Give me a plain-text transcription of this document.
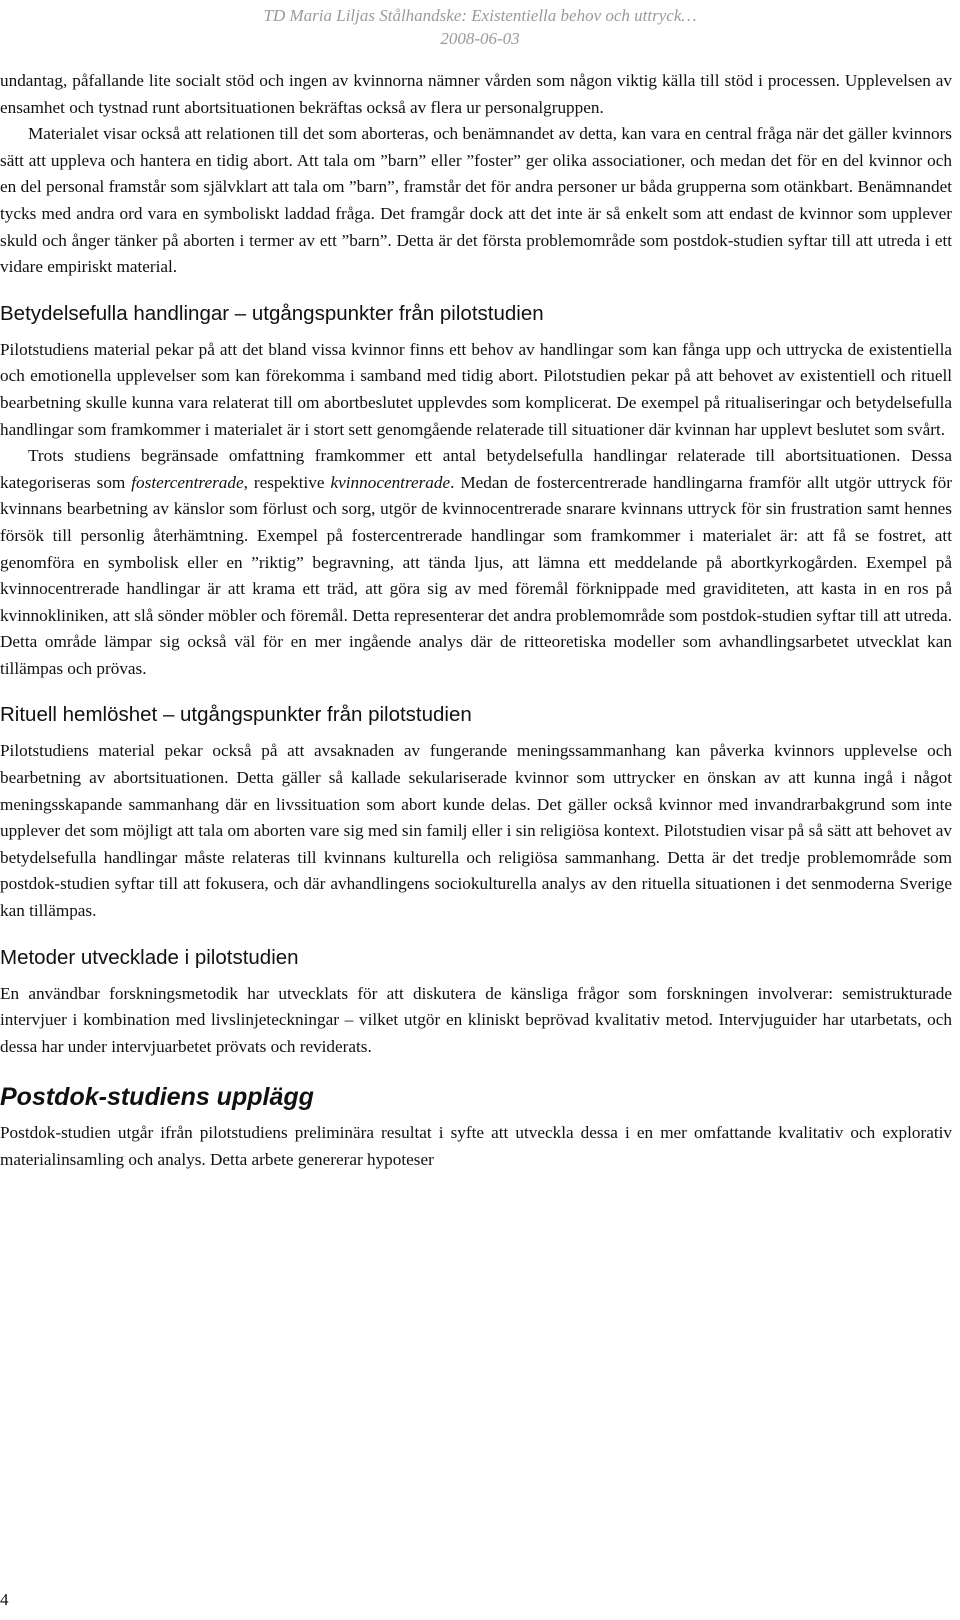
TD Maria Liljas Stålhandske: Existentiella behov och uttryck…
2008-06-03

undantag, påfallande lite socialt stöd och ingen av kvinnorna nämner vården som någon viktig källa till stöd i processen. Upplevelsen av ensamhet och tystnad runt abortsituationen bekräftas också av flera ur personalgruppen.

Materialet visar också att relationen till det som aborteras, och benämnandet av detta, kan vara en central fråga när det gäller kvinnors sätt att uppleva och hantera en tidig abort. Att tala om ”barn” eller ”foster” ger olika associationer, och medan det för en del kvinnor och en del personal framstår som självklart att tala om ”barn”, framstår det för andra personer ur båda grupperna som otänkbart. Benämnandet tycks med andra ord vara en symboliskt laddad fråga. Det framgår dock att det inte är så enkelt som att endast de kvinnor som upplever skuld och ånger tänker på aborten i termer av ett ”barn”. Detta är det första problemområde som postdok-studien syftar till att utreda i ett vidare empiriskt material.

Betydelsefulla handlingar – utgångspunkter från pilotstudien

Pilotstudiens material pekar på att det bland vissa kvinnor finns ett behov av handlingar som kan fånga upp och uttrycka de existentiella och emotionella upplevelser som kan förekomma i samband med tidig abort. Pilotstudien pekar på att behovet av existentiell och rituell bearbetning skulle kunna vara relaterat till om abortbeslutet upplevdes som komplicerat. De exempel på ritualiseringar och betydelsefulla handlingar som framkommer i materialet är i stort sett genomgående relaterade till situationer där kvinnan har upplevt beslutet som svårt.

Trots studiens begränsade omfattning framkommer ett antal betydelsefulla handlingar relaterade till abortsituationen. Dessa kategoriseras som fostercentrerade, respektive kvinnocentrerade. Medan de fostercentrerade handlingarna framför allt utgör uttryck för kvinnans bearbetning av känslor som förlust och sorg, utgör de kvinnocentrerade snarare kvinnans uttryck för sin frustration samt hennes försök till personlig återhämtning. Exempel på fostercentrerade handlingar som framkommer i materialet är: att få se fostret, att genomföra en symbolisk eller en ”riktig” begravning, att tända ljus, att lämna ett meddelande på abortkyrkogården. Exempel på kvinnocentrerade handlingar är att krama ett träd, att göra sig av med föremål förknippade med graviditeten, att kasta in en ros på kvinnokliniken, att slå sönder möbler och föremål. Detta representerar det andra problemområde som postdok-studien syftar till att utreda. Detta område lämpar sig också väl för en mer ingående analys där de ritteoretiska modeller som avhandlingsarbetet utvecklat kan tillämpas och prövas.

Rituell hemlöshet – utgångspunkter från pilotstudien

Pilotstudiens material pekar också på att avsaknaden av fungerande meningssammanhang kan påverka kvinnors upplevelse och bearbetning av abortsituationen. Detta gäller så kallade sekulariserade kvinnor som uttrycker en önskan av att kunna ingå i något meningsskapande sammanhang där en livssituation som abort kunde delas. Det gäller också kvinnor med invandrarbakgrund som inte upplever det som möjligt att tala om aborten vare sig med sin familj eller i sin religiösa kontext. Pilotstudien visar på så sätt att behovet av betydelsefulla handlingar måste relateras till kvinnans kulturella och religiösa sammanhang. Detta är det tredje problemområde som postdok-studien syftar till att fokusera, och där avhandlingens sociokulturella analys av den rituella situationen i det senmoderna Sverige kan tillämpas.

Metoder utvecklade i pilotstudien

En användbar forskningsmetodik har utvecklats för att diskutera de känsliga frågor som forskningen involverar: semistrukturade intervjuer i kombination med livslinjeteckningar – vilket utgör en kliniskt beprövad kvalitativ metod. Intervjuguider har utarbetats, och dessa har under intervjuarbetet prövats och reviderats.

Postdok-studiens upplägg

Postdok-studien utgår ifrån pilotstudiens preliminära resultat i syfte att utveckla dessa i en mer omfattande kvalitativ och explorativ materialinsamling och analys. Detta arbete genererar hypoteser

4
